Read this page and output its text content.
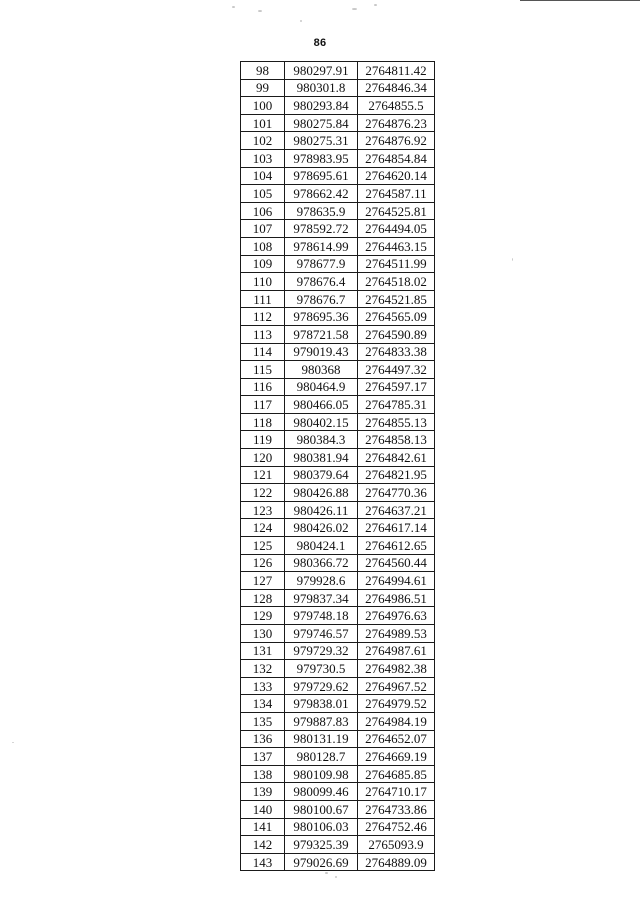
86
98	980297.91	2764811.42
99	980301.8	2764846.34
100	980293.84	2764855.5
101	980275.84	2764876.23
102	980275.31	2764876.92
103	978983.95	2764854.84
104	978695.61	2764620.14
105	978662.42	2764587.11
106	978635.9	2764525.81
107	978592.72	2764494.05
108	978614.99	2764463.15
109	978677.9	2764511.99
110	978676.4	2764518.02
111	978676.7	2764521.85
112	978695.36	2764565.09
113	978721.58	2764590.89
114	979019.43	2764833.38
115	980368	2764497.32
116	980464.9	2764597.17
117	980466.05	2764785.31
118	980402.15	2764855.13
119	980384.3	2764858.13
120	980381.94	2764842.61
121	980379.64	2764821.95
122	980426.88	2764770.36
123	980426.11	2764637.21
124	980426.02	2764617.14
125	980424.1	2764612.65
126	980366.72	2764560.44
127	979928.6	2764994.61
128	979837.34	2764986.51
129	979748.18	2764976.63
130	979746.57	2764989.53
131	979729.32	2764987.61
132	979730.5	2764982.38
133	979729.62	2764967.52
134	979838.01	2764979.52
135	979887.83	2764984.19
136	980131.19	2764652.07
137	980128.7	2764669.19
138	980109.98	2764685.85
139	980099.46	2764710.17
140	980100.67	2764733.86
141	980106.03	2764752.46
142	979325.39	2765093.9
143	979026.69	2764889.09
